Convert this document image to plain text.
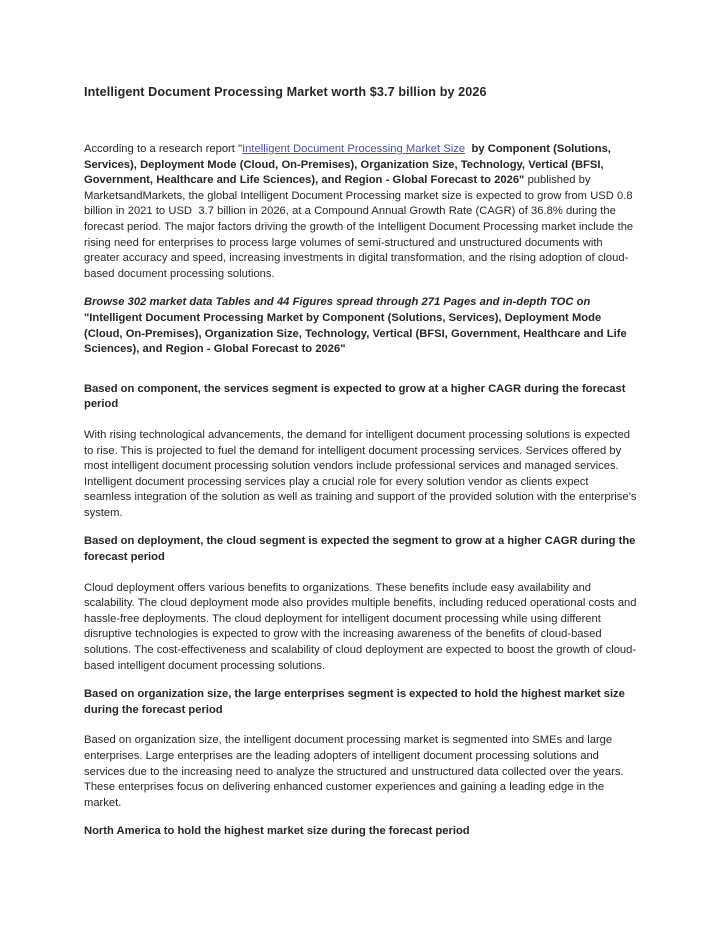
Intelligent Document Processing Market worth $3.7 billion by 2026

According to a research report "Intelligent Document Processing Market Size  by Component (Solutions, Services), Deployment Mode (Cloud, On-Premises), Organization Size, Technology, Vertical (BFSI, Government, Healthcare and Life Sciences), and Region - Global Forecast to 2026" published by MarketsandMarkets, the global Intelligent Document Processing market size is expected to grow from USD 0.8 billion in 2021 to USD  3.7 billion in 2026, at a Compound Annual Growth Rate (CAGR) of 36.8% during the forecast period. The major factors driving the growth of the Intelligent Document Processing market include the rising need for enterprises to process large volumes of semi-structured and unstructured documents with greater accuracy and speed, increasing investments in digital transformation, and the rising adoption of cloud-based document processing solutions.

Browse 302 market data Tables and 44 Figures spread through 271 Pages and in-depth TOC on "Intelligent Document Processing Market by Component (Solutions, Services), Deployment Mode (Cloud, On-Premises), Organization Size, Technology, Vertical (BFSI, Government, Healthcare and Life Sciences), and Region - Global Forecast to 2026"

Based on component, the services segment is expected to grow at a higher CAGR during the forecast period

With rising technological advancements, the demand for intelligent document processing solutions is expected to rise. This is projected to fuel the demand for intelligent document processing services. Services offered by most intelligent document processing solution vendors include professional services and managed services. Intelligent document processing services play a crucial role for every solution vendor as clients expect seamless integration of the solution as well as training and support of the provided solution with the enterprise’s system.

Based on deployment, the cloud segment is expected the segment to grow at a higher CAGR during the forecast period

Cloud deployment offers various benefits to organizations. These benefits include easy availability and scalability. The cloud deployment mode also provides multiple benefits, including reduced operational costs and hassle-free deployments. The cloud deployment for intelligent document processing while using different disruptive technologies is expected to grow with the increasing awareness of the benefits of cloud-based solutions. The cost-effectiveness and scalability of cloud deployment are expected to boost the growth of cloud-based intelligent document processing solutions.

Based on organization size, the large enterprises segment is expected to hold the highest market size during the forecast period

Based on organization size, the intelligent document processing market is segmented into SMEs and large enterprises. Large enterprises are the leading adopters of intelligent document processing solutions and services due to the increasing need to analyze the structured and unstructured data collected over the years. These enterprises focus on delivering enhanced customer experiences and gaining a leading edge in the market.

North America to hold the highest market size during the forecast period
